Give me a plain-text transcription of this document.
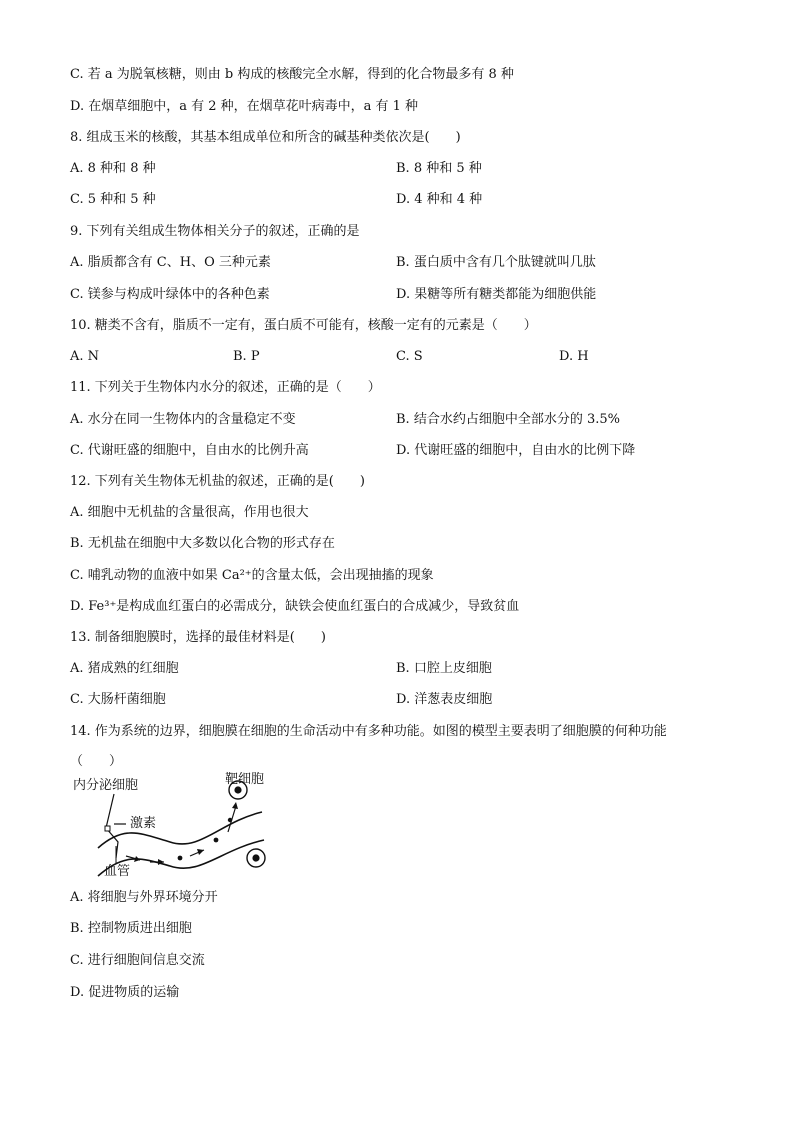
C. 若 a 为脱氧核糖，则由 b 构成的核酸完全水解，得到的化合物最多有 8 种
D. 在烟草细胞中，a 有 2 种，在烟草花叶病毒中，a 有 1 种
8. 组成玉米的核酸，其基本组成单位和所含的碱基种类依次是(　　)
A. 8 种和 8 种	B. 8 种和 5 种
C. 5 种和 5 种	D. 4 种和 4 种
9. 下列有关组成生物体相关分子的叙述，正确的是
A. 脂质都含有 C、H、O 三种元素	B. 蛋白质中含有几个肽键就叫几肽
C. 镁参与构成叶绿体中的各种色素	D. 果糖等所有糖类都能为细胞供能
10. 糖类不含有，脂质不一定有，蛋白质不可能有，核酸一定有的元素是（　　）
A. N	B. P	C. S	D. H
11. 下列关于生物体内水分的叙述，正确的是（　　）
A. 水分在同一生物体内的含量稳定不变	B. 结合水约占细胞中全部水分的 3.5%
C. 代谢旺盛的细胞中，自由水的比例升高	D. 代谢旺盛的细胞中，自由水的比例下降
12. 下列有关生物体无机盐的叙述，正确的是(　　)
A. 细胞中无机盐的含量很高，作用也很大
B. 无机盐在细胞中大多数以化合物的形式存在
C. 哺乳动物的血液中如果 Ca²⁺的含量太低，会出现抽搐的现象
D. Fe³⁺是构成血红蛋白的必需成分，缺铁会使血红蛋白的合成减少，导致贫血
13. 制备细胞膜时，选择的最佳材料是(　　)
A. 猪成熟的红细胞	B. 口腔上皮细胞
C. 大肠杆菌细胞	D. 洋葱表皮细胞
14. 作为系统的边界，细胞膜在细胞的生命活动中有多种功能。如图的模型主要表明了细胞膜的何种功能
（　　）
内分泌细胞	靶细胞
激素
血管
A. 将细胞与外界环境分开
B. 控制物质进出细胞
C. 进行细胞间信息交流
D. 促进物质的运输
